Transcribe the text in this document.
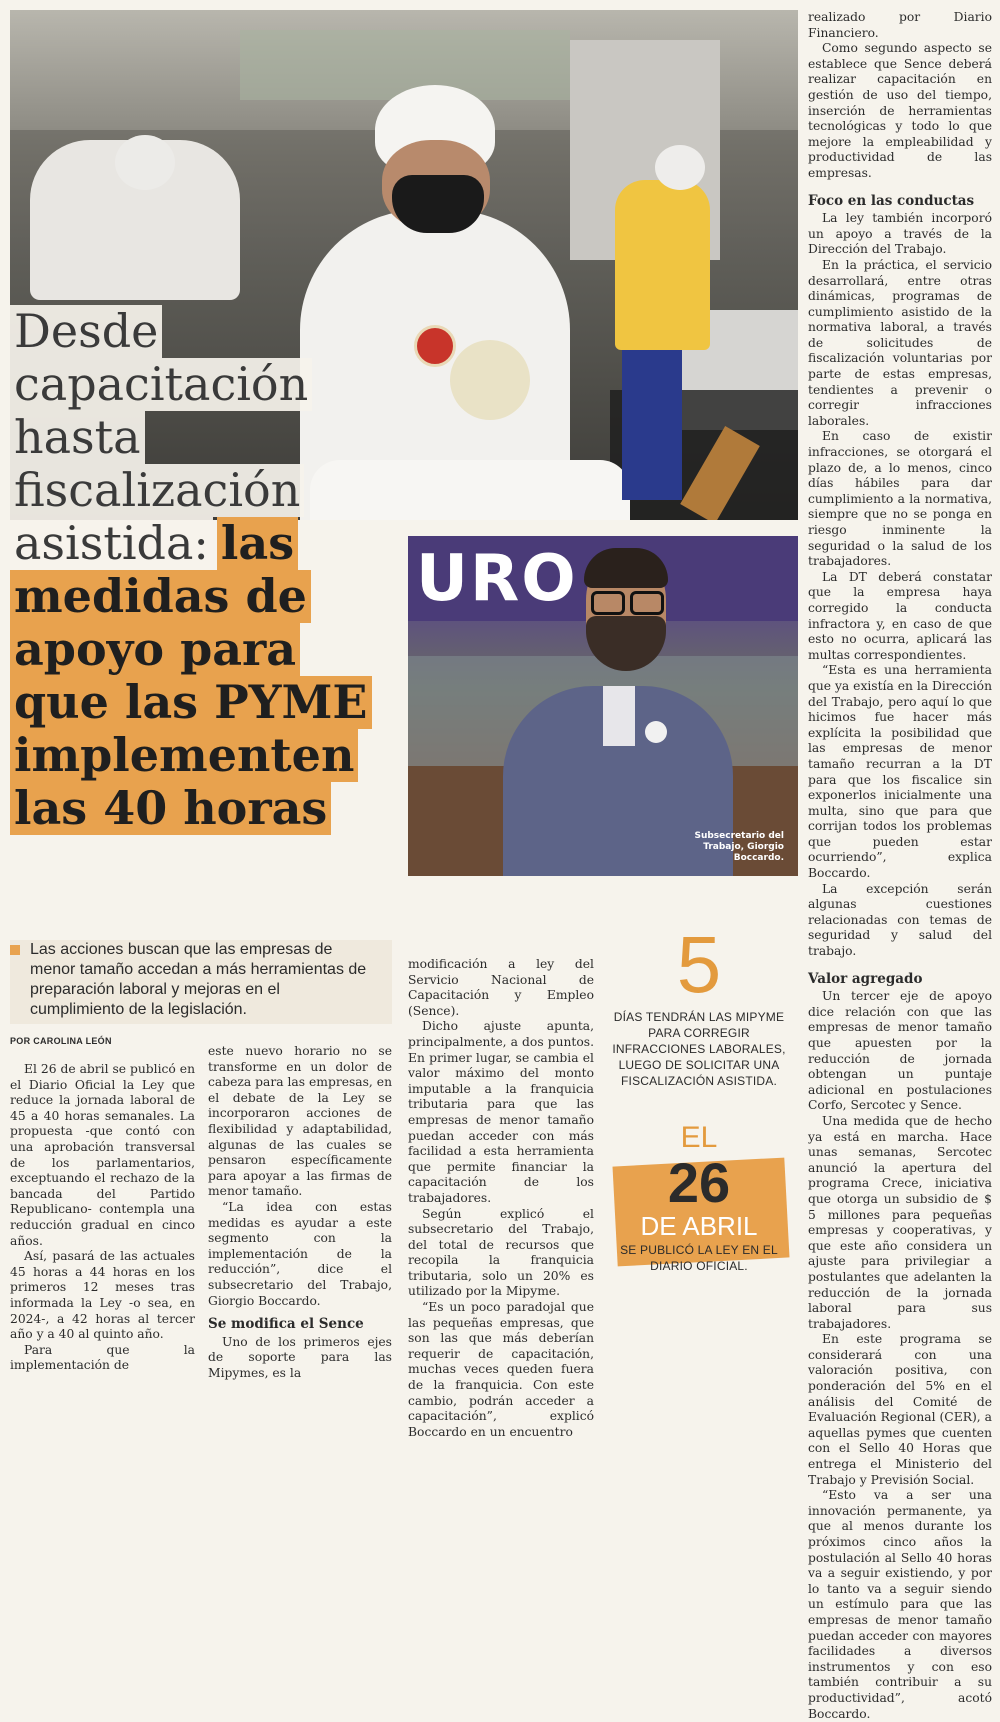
Desde
capacitación
hasta
fiscalización
asistida: las
medidas de
apoyo para
que las PYME
implementen
las 40 horas
URO
Subsecretario del Trabajo, Giorgio Boccardo.
Las acciones buscan que las empresas de menor tamaño accedan a más herramientas de preparación laboral y mejoras en el cumplimiento de la legislación.
POR CAROLINA LEÓN

El 26 de abril se publicó en el Diario Oficial la Ley que reduce la jornada laboral de 45 a 40 horas semanales. La propuesta -que contó con una aprobación transversal de los parlamentarios, exceptuando el rechazo de la bancada del Partido Republicano- contempla una reducción gradual en cinco años.

Así, pasará de las actuales 45 horas a 44 horas en los primeros 12 meses tras informada la Ley -o sea, en 2024-, a 42 horas al tercer año y a 40 al quinto año.

Para que la implementación de

este nuevo horario no se transforme en un dolor de cabeza para las empresas, en el debate de la Ley se incorporaron acciones de flexibilidad y adaptabilidad, algunas de las cuales se pensaron específicamente para apoyar a las firmas de menor tamaño.

“La idea con estas medidas es ayudar a este segmento con la implementación de la reducción”, dice el subsecretario del Trabajo, Giorgio Boccardo.

Se modifica el Sence

Uno de los primeros ejes de soporte para las Mipymes, es la

modificación a ley del Servicio Nacional de Capacitación y Empleo (Sence).

Dicho ajuste apunta, principalmente, a dos puntos. En primer lugar, se cambia el valor máximo del monto imputable a la franquicia tributaria para que las empresas de menor tamaño puedan acceder con más facilidad a esta herramienta que permite financiar la capacitación de los trabajadores.

Según explicó el subsecretario del Trabajo, del total de recursos que recopila la franquicia tributaria, solo un 20% es utilizado por la Mipyme.

“Es un poco paradojal que las pequeñas empresas, que son las que más deberían requerir de capacitación, muchas veces queden fuera de la franquicia. Con este cambio, podrán acceder a capacitación”, explicó Boccardo en un encuentro

5
DÍAS TENDRÁN LAS MIPYME PARA CORREGIR INFRACCIONES LABORALES, LUEGO DE SOLICITAR UNA FISCALIZACIÓN ASISTIDA.
EL
26
DE ABRIL
SE PUBLICÓ LA LEY EN EL DIARIO OFICIAL.

realizado por Diario Financiero.

Como segundo aspecto se establece que Sence deberá realizar capacitación en gestión de uso del tiempo, inserción de herramientas tecnológicas y todo lo que mejore la empleabilidad y productividad de las empresas.

Foco en las conductas

La ley también incorporó un apoyo a través de la Dirección del Trabajo.

En la práctica, el servicio desarrollará, entre otras dinámicas, programas de cumplimiento asistido de la normativa laboral, a través de solicitudes de fiscalización voluntarias por parte de estas empresas, tendientes a prevenir o corregir infracciones laborales.

En caso de existir infracciones, se otorgará el plazo de, a lo menos, cinco días hábiles para dar cumplimiento a la normativa, siempre que no se ponga en riesgo inminente la seguridad o la salud de los trabajadores.

La DT deberá constatar que la empresa haya corregido la conducta infractora y, en caso de que esto no ocurra, aplicará las multas correspondientes.

“Esta es una herramienta que ya existía en la Dirección del Trabajo, pero aquí lo que hicimos fue hacer más explícita la posibilidad que las empresas de menor tamaño recurran a la DT para que los fiscalice sin exponerlos inicialmente una multa, sino que para que corrijan todos los problemas que pueden estar ocurriendo”, explica Boccardo.

La excepción serán algunas cuestiones relacionadas con temas de seguridad y salud del trabajo.

Valor agregado

Un tercer eje de apoyo dice relación con que las empresas de menor tamaño que apuesten por la reducción de jornada obtengan un puntaje adicional en postulaciones Corfo, Sercotec y Sence.

Una medida que de hecho ya está en marcha. Hace unas semanas, Sercotec anunció la apertura del programa Crece, iniciativa que otorga un subsidio de $ 5 millones para pequeñas empresas y cooperativas, y que este año considera un ajuste para privilegiar a postulantes que adelanten la reducción de la jornada laboral para sus trabajadores.

En este programa se considerará con una valoración positiva, con ponderación del 5% en el análisis del Comité de Evaluación Regional (CER), a aquellas pymes que cuenten con el Sello 40 Horas que entrega el Ministerio del Trabajo y Previsión Social.

“Esto va a ser una innovación permanente, ya que al menos durante los próximos cinco años la postulación al Sello 40 horas va a seguir existiendo, y por lo tanto va a seguir siendo un estímulo para que las empresas de menor tamaño puedan acceder con mayores facilidades a diversos instrumentos y con eso también contribuir a su productividad”, acotó Boccardo.
